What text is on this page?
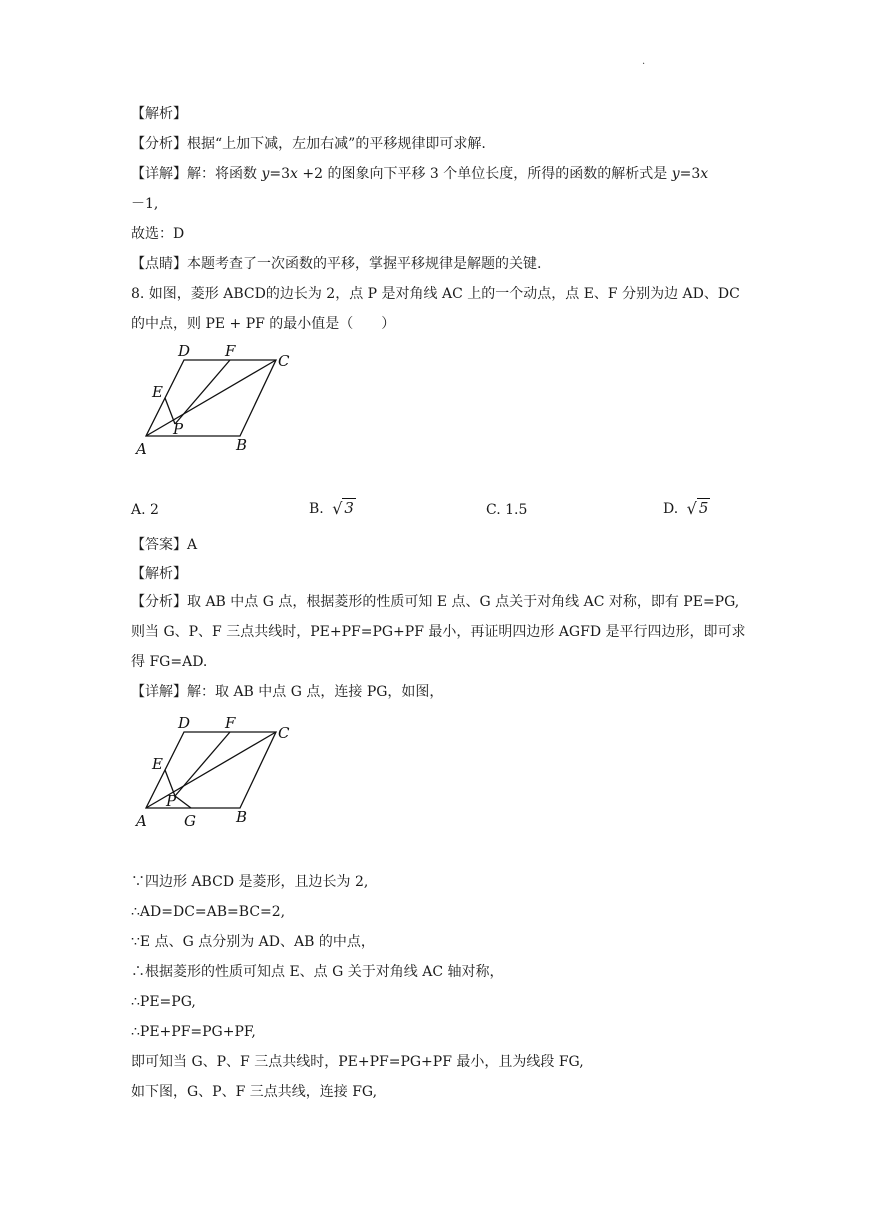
.
【解析】
【分析】根据“上加下减，左加右减”的平移规律即可求解.
【详解】解：将函数 y=3x +2 的图象向下平移 3 个单位长度，所得的函数的解析式是 y=3x
－1,
故选：D
【点睛】本题考查了一次函数的平移，掌握平移规律是解题的关键.
8. 如图，菱形 ABCD的边长为 2，点 P 是对角线 AC 上的一个动点，点 E、F 分别为边 AD、DC
的中点，则 PE + PF 的最小值是（　　）
D F
C
E
P
A	B
A. 2	B. √ 3	C. 1.5	D. √ 5
【答案】A
【解析】
【分析】取 AB 中点 G 点，根据菱形的性质可知 E 点、G 点关于对角线 AC 对称，即有 PE=PG,
则当 G、P、F 三点共线时，PE+PF=PG+PF 最小，再证明四边形 AGFD 是平行四边形，即可求
得 FG=AD.
【详解】解：取 AB 中点 G 点，连接 PG，如图，
D F
C
E
P
A G	B
∵四边形 ABCD 是菱形，且边长为 2,
∴AD=DC=AB=BC=2,
∵E 点、G 点分别为 AD、AB 的中点，
∴根据菱形的性质可知点 E、点 G 关于对角线 AC 轴对称，
∴PE=PG,
∴PE+PF=PG+PF,
即可知当 G、P、F 三点共线时，PE+PF=PG+PF 最小，且为线段 FG,
如下图，G、P、F 三点共线，连接 FG,
